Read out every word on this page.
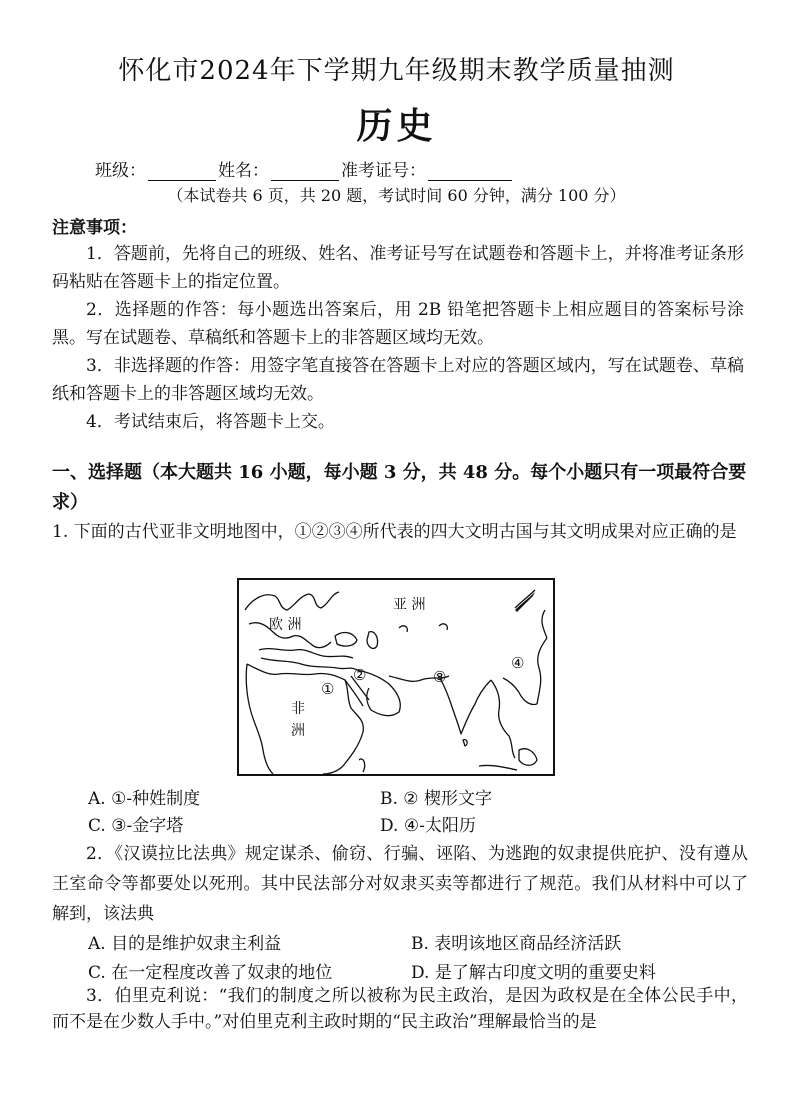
怀化市2024年下学期九年级期末教学质量抽测
历史
班级：	姓名：	准考证号：
（本试卷共 6 页，共 20 题，考试时间 60 分钟，满分 100 分）
注意事项：
1．答题前，先将自己的班级、姓名、准考证号写在试题卷和答题卡上，并将准考证条形码粘贴在答题卡上的指定位置。
2．选择题的作答：每小题选出答案后，用 2B 铅笔把答题卡上相应题目的答案标号涂黑。写在试题卷、草稿纸和答题卡上的非答题区域均无效。
3．非选择题的作答：用签字笔直接答在答题卡上对应的答题区域内，写在试题卷、草稿纸和答题卡上的非答题区域均无效。
4．考试结束后，将答题卡上交。
一、选择题（本大题共 16 小题，每小题 3 分，共 48 分。每个小题只有一项最符合要求）
1. 下面的古代亚非文明地图中，①②③④所代表的四大文明古国与其文明成果对应正确的是
亚 洲
欧 洲
非
洲
①
②	③
④
A. ①-种姓制度	B. ② 楔形文字
C. ③-金字塔	D. ④-太阳历
2．《汉谟拉比法典》规定谋杀、偷窃、行骗、诬陷、为逃跑的奴隶提供庇护、没有遵从王室命令等都要处以死刑。其中民法部分对奴隶买卖等都进行了规范。我们从材料中可以了解到，该法典
A. 目的是维护奴隶主利益	B. 表明该地区商品经济活跃
C. 在一定程度改善了奴隶的地位	D. 是了解古印度文明的重要史料
3．伯里克利说：“我们的制度之所以被称为民主政治，是因为政权是在全体公民手中，而不是在少数人手中。”对伯里克利主政时期的“民主政治”理解最恰当的是
